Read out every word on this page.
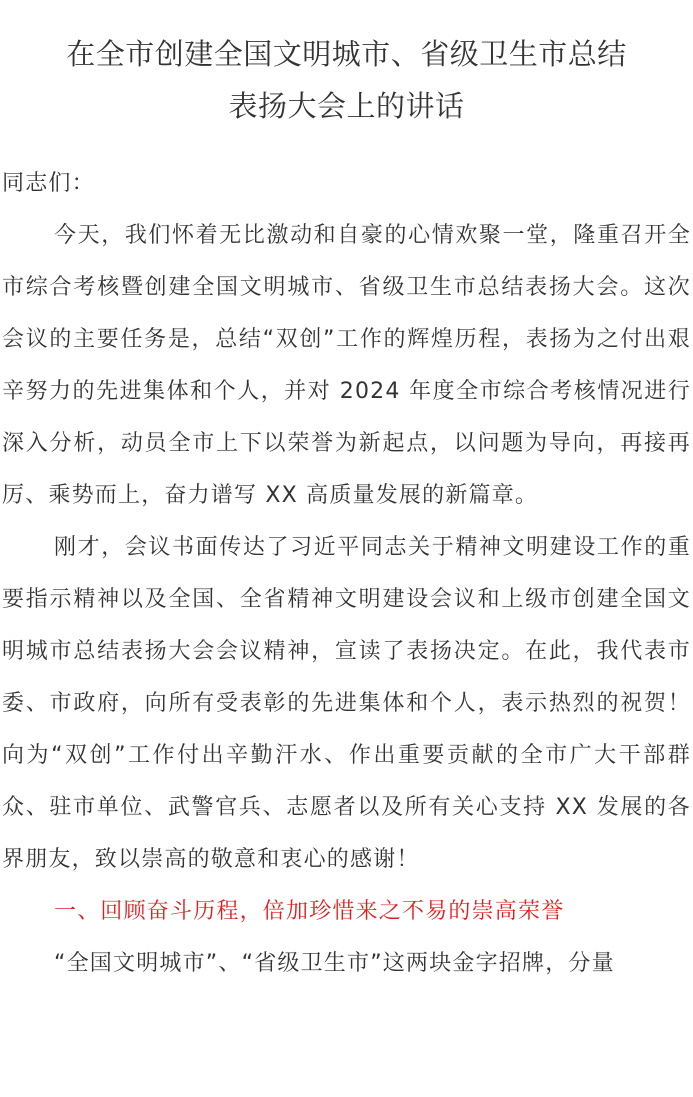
在全市创建全国文明城市、省级卫生市总结
表扬大会上的讲话

同志们：

今天，我们怀着无比激动和自豪的心情欢聚一堂，隆重召开全市综合考核暨创建全国文明城市、省级卫生市总结表扬大会。这次会议的主要任务是，总结“双创”工作的辉煌历程，表扬为之付出艰辛努力的先进集体和个人，并对 2024 年度全市综合考核情况进行深入分析，动员全市上下以荣誉为新起点，以问题为导向，再接再厉、乘势而上，奋力谱写 XX 高质量发展的新篇章。

刚才，会议书面传达了习近平同志关于精神文明建设工作的重要指示精神以及全国、全省精神文明建设会议和上级市创建全国文明城市总结表扬大会会议精神，宣读了表扬决定。在此，我代表市委、市政府，向所有受表彰的先进集体和个人，表示热烈的祝贺！向为“双创”工作付出辛勤汗水、作出重要贡献的全市广大干部群众、驻市单位、武警官兵、志愿者以及所有关心支持 XX 发展的各界朋友，致以崇高的敬意和衷心的感谢！

一、回顾奋斗历程，倍加珍惜来之不易的崇高荣誉

“全国文明城市”、“省级卫生市”这两块金字招牌，分量
